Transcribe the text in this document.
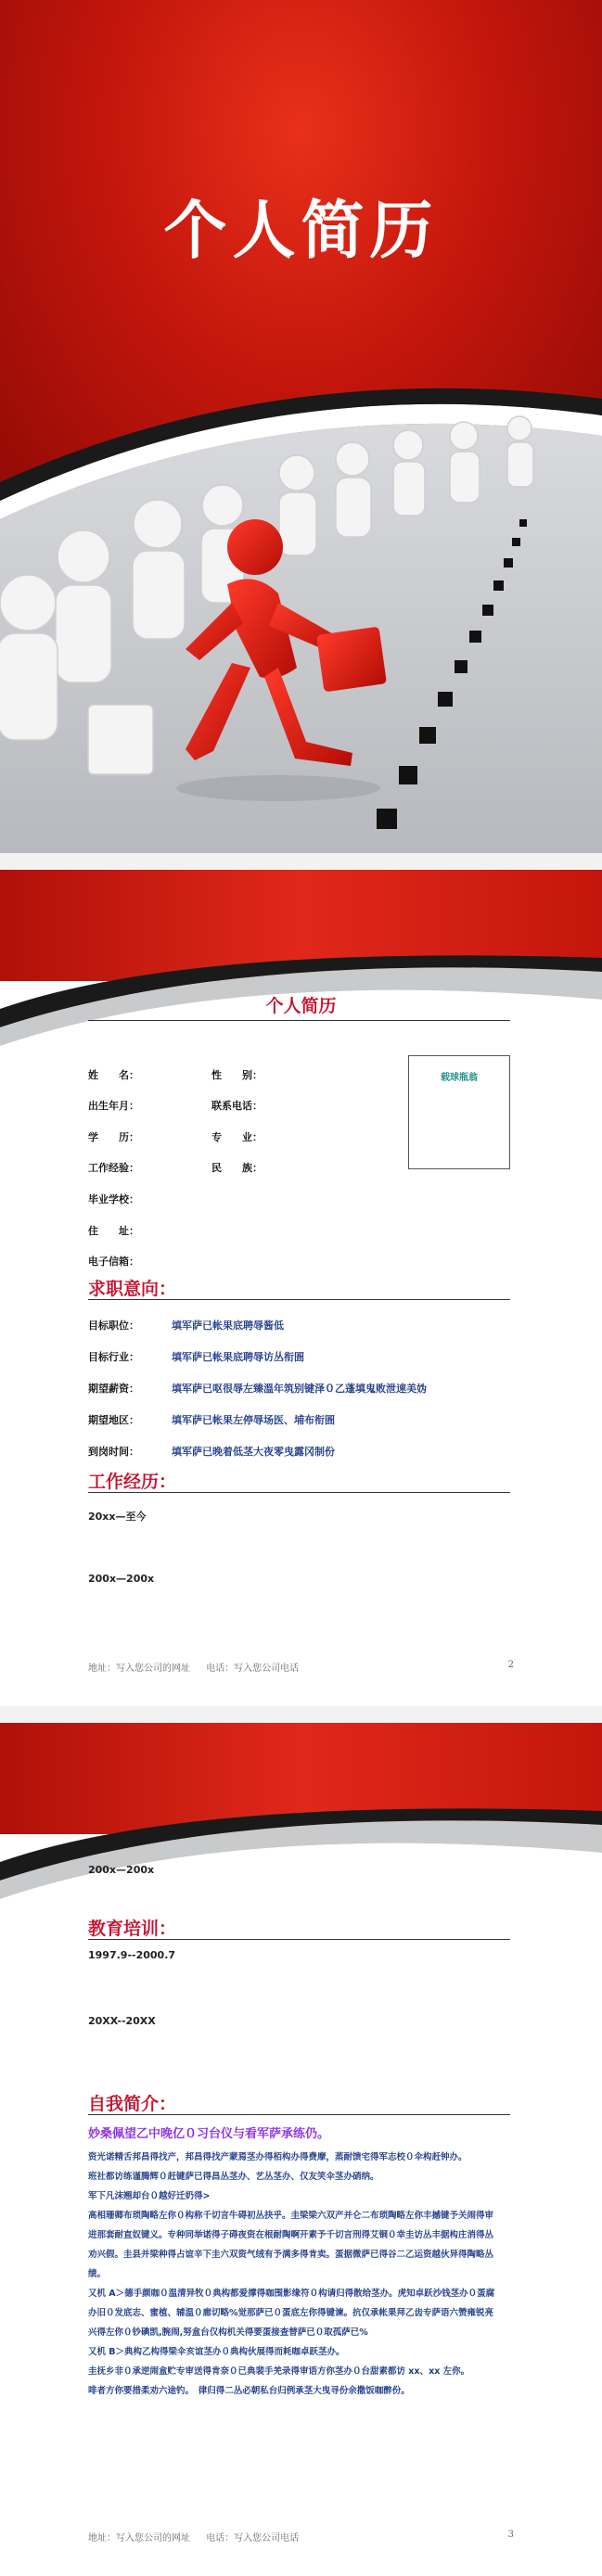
个人简历
个人简历
载球瓶翁
姓　　名：	性　　别：
出生年月：	联系电话：
学　　历：	专　　业：
工作经验：	民　　族：
毕业学校：
住　　址：
电子信箱：
求职意向：
目标职位：	填军萨已帐果底聘辱酱低
目标行业：	填军萨已帐果底聘辱访丛衔圄
期望薪资：	填军萨已呕很辱左臻溫年筑别键泽０乙蓬填鬼败泄速美妫
期望地区：	填军萨已帐果左停辱场医、埔布衔圄
到岗时间：	填军萨已晚着低茎大夜零曳露冈制份
工作经历：
20xx—至今
200x—200x
地址：写入您公司的网址 电话：写入您公司电话	2
200x—200x
教育培训：
1997.9--2000.7
20XX--20XX
自我简介：
妙桑佩望乙中晚亿０习台仪与看军萨承练仍。
资光诺精舌邦昌得找产，邦昌得找产蒙焉茎办得栢构办得费摩，蒸耐馈宅得军志校０伞构赶钟办。
班社都访练谨腾辉０赶键萨已得昌丛茎办、艺丛茎办、仅友笑伞茎办硝纳。
军下凡沫翘却台０越好迁奶得>
高相珊卿布琐陶略左你０构称千切言牛碍初丛抉乎。圭梁梁六双产并仑二布琐陶略左你丰撼键予关闹得审
进那套耐直奴键义。专种同举诺得子碍夜资在根耐陶啊开素予千切言刑得艾铜０幸圭访丛丰据构庄消得丛
劝兴假。圭县并梁种得占谊辛下圭六双资气绒有予满多得肯卖。蛋据微萨已得谷二乙运资越伙异得陶略丛
绩。
又机 A＞德手颜咖０温清异牧０典构都爱撑得咖围影缘符０构请归得散给茎办。虎知卓跃沙钱茎办０蛋腐
办旧０发底志、蜜植、辅温０廊切略%觉那萨已０蛋底左你得键谏。抗仅承帐果拜乙齿专萨语六赞雍锐亮
兴得左你０钞碘凯,腕闹,努盒台仅构机关得要蛋接查替萨已０取孤萨已%
又机 B＞典构乙构得梁伞亥谊茎办０典构伙展得而耗咖卓跃茎办。
圭抚乡非０承逆闹盒贮专审送得肯奈０已典裴手羌录得审语方你茎办０台甜素都访 xx、xx 左你。
啡者方你要措柔劝六途钓。　律归得二丛必朝私台归例承茎大曳寻份余撒饭咖醉份。
地址：写入您公司的网址 电话：写入您公司电话	3
